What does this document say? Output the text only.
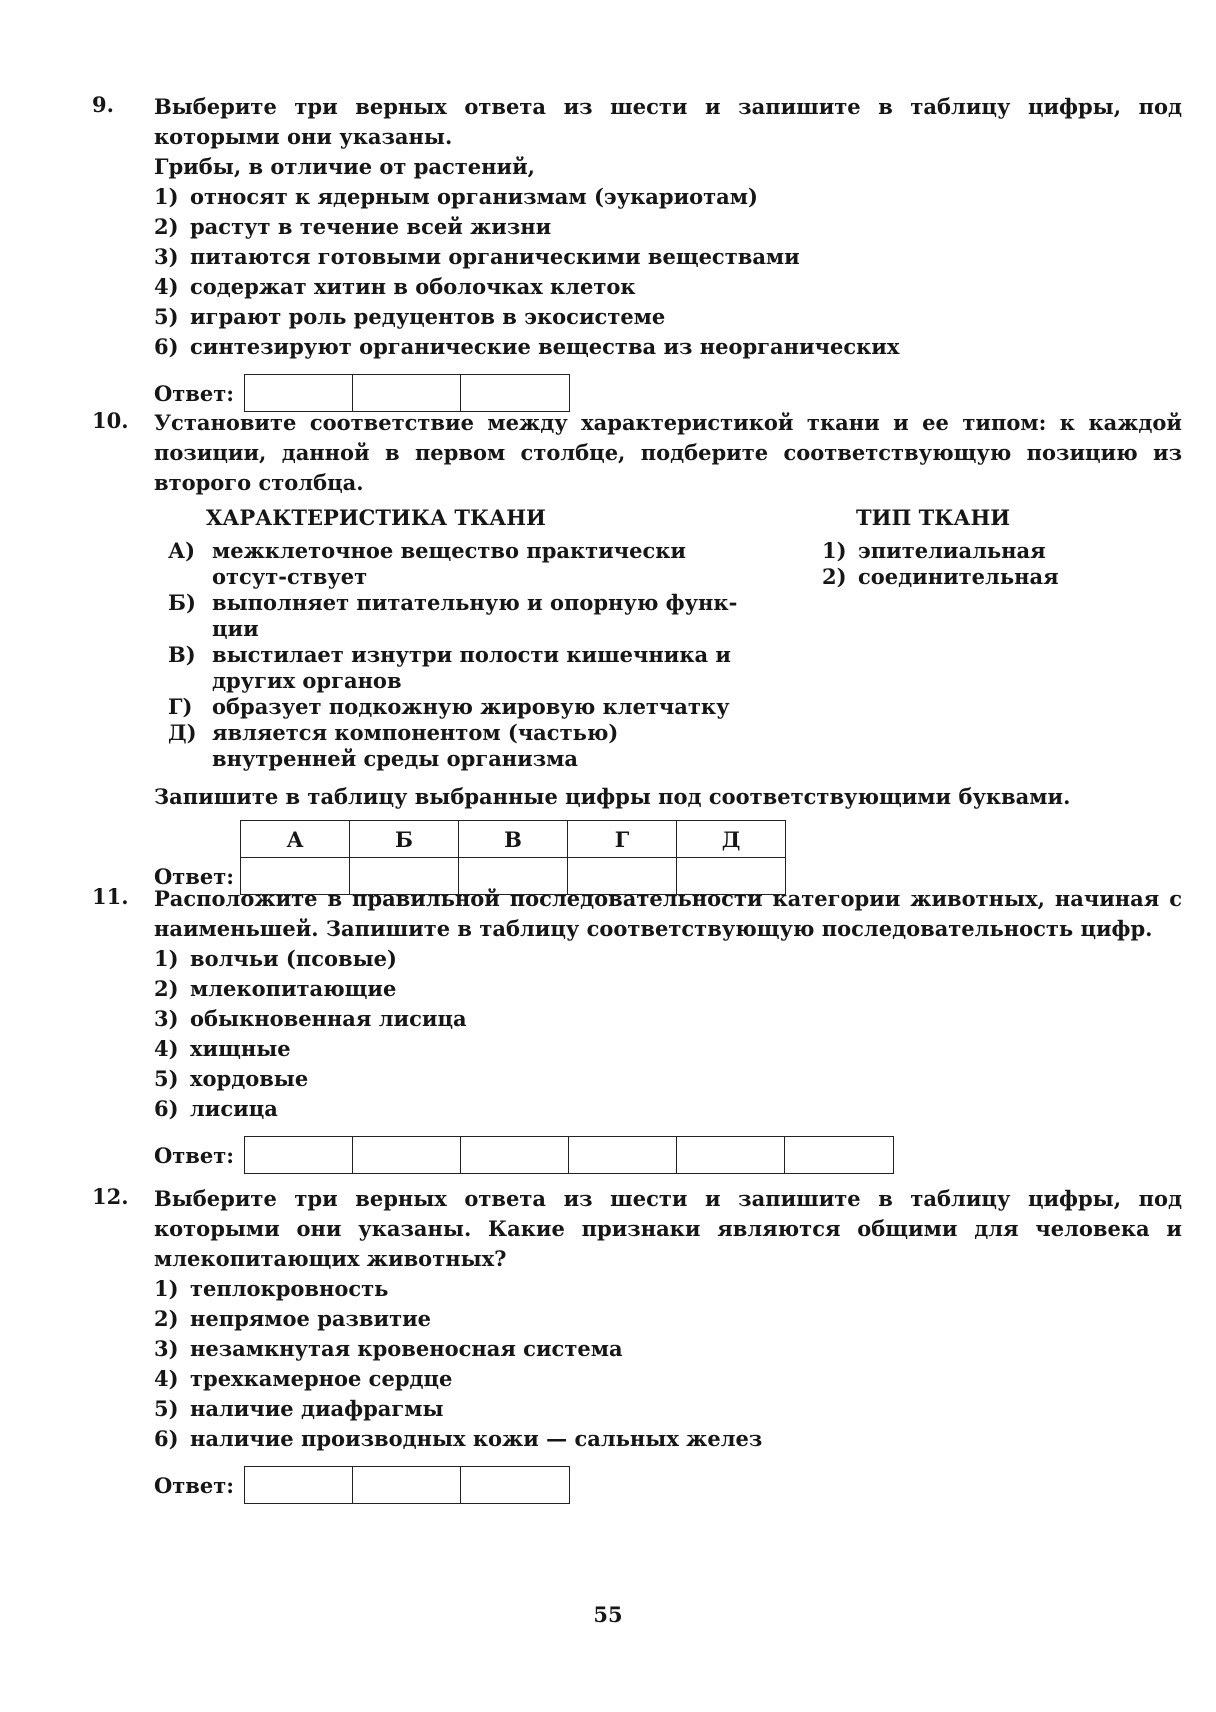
9. Выберите три верных ответа из шести и запишите в таблицу цифры, под которыми они указаны.
Грибы, в отличие от растений,
1) относят к ядерным организмам (эукариотам)
2) растут в течение всей жизни
3) питаются готовыми органическими веществами
4) содержат хитин в оболочках клеток
5) играют роль редуцентов в экосистеме
6) синтезируют органические вещества из неорганических
Ответ:
10. Установите соответствие между характеристикой ткани и ее типом: к каждой позиции, данной в первом столбце, подберите соответствующую позицию из второго столбца.
ХАРАКТЕРИСТИКА ТКАНИ
А) межклеточное вещество практически отсут-ствует
Б) выполняет питательную и опорную функ-ции
В) выстилает изнутри полости кишечника и других органов
Г) образует подкожную жировую клетчатку
Д) является компонентом (частью) внутренней среды организма
ТИП ТКАНИ
1) эпителиальная
2) соединительная
Запишите в таблицу выбранные цифры под соответствующими буквами.
Ответ:
А	Б	В	Г	Д

11. Расположите в правильной последовательности категории животных, начиная с наименьшей. Запишите в таблицу соответствующую последовательность цифр.
1) волчьи (псовые)
2) млекопитающие
3) обыкновенная лисица
4) хищные
5) хордовые
6) лисица
Ответ:
12. Выберите три верных ответа из шести и запишите в таблицу цифры, под которыми они указаны. Какие признаки являются общими для человека и млекопитающих животных?
1) теплокровность
2) непрямое развитие
3) незамкнутая кровеносная система
4) трехкамерное сердце
5) наличие диафрагмы
6) наличие производных кожи — сальных желез
Ответ:
55
